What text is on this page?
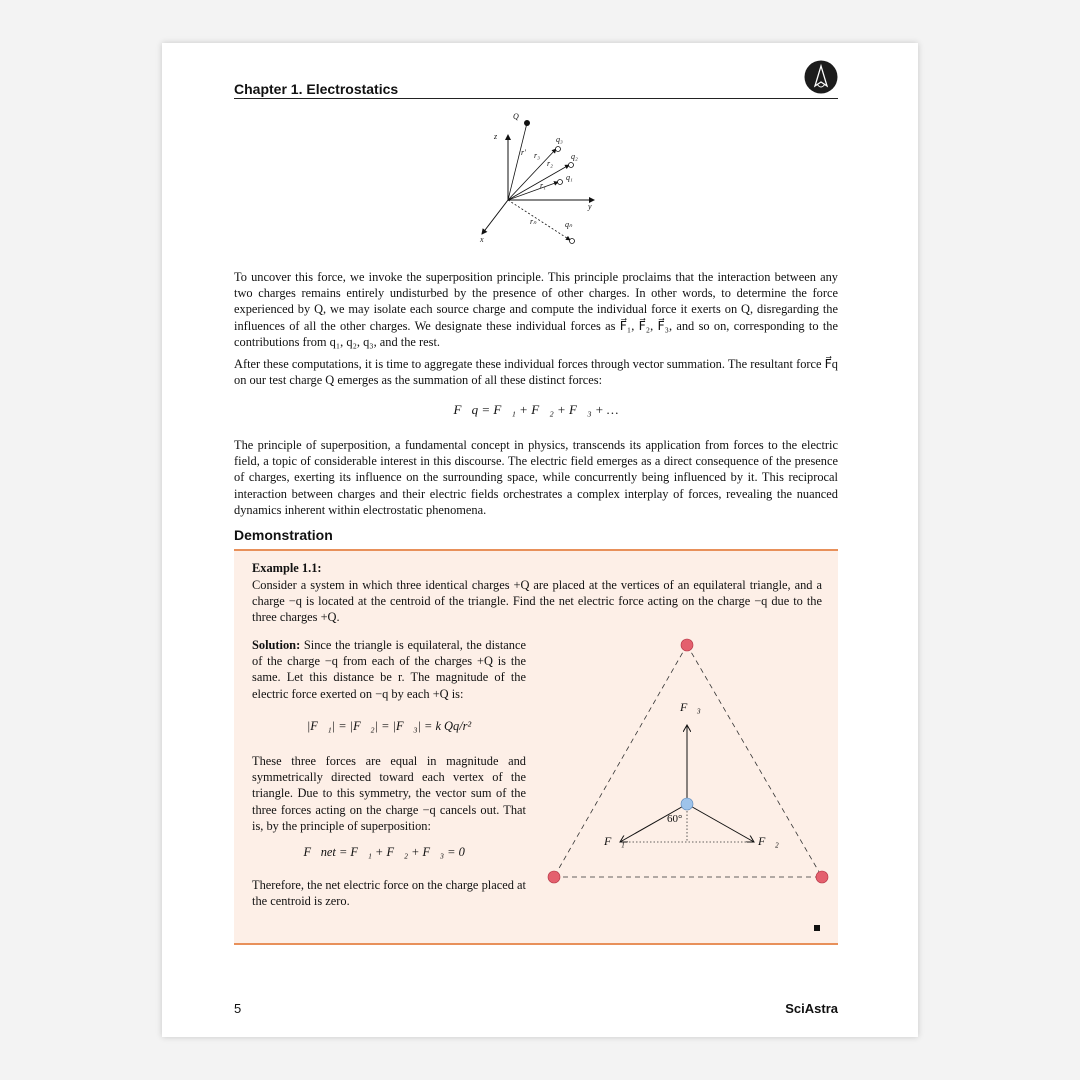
Chapter 1. Electrostatics
Q
z
y
x
r′ r₃
r₂
r₁
rₙ
q₃
q₂
q₁
qₙ

To uncover this force, we invoke the superposition principle. This principle proclaims that the interaction between any two charges remains entirely undisturbed by the presence of other charges. In other words, to determine the force experienced by Q, we may isolate each source charge and compute the individual force it exerts on Q, disregarding the influences of all the other charges. We designate these individual forces as F⃗₁, F⃗₂, F⃗₃, and so on, corresponding to the contributions from q₁, q₂, q₃, and the rest.

After these computations, it is time to aggregate these individual forces through vector summation. The resultant force F⃗q on our test charge Q emerges as the summation of all these distinct forces:

F⃗q = F⃗₁ + F⃗₂ + F⃗₃ + …

The principle of superposition, a fundamental concept in physics, transcends its application from forces to the electric field, a topic of considerable interest in this discourse. The electric field emerges as a direct consequence of the presence of charges, exerting its influence on the surrounding space, while concurrently being influenced by it. This reciprocal interaction between charges and their electric fields orchestrates a complex interplay of forces, revealing the nuanced dynamics inherent within electrostatic phenomena.

Demonstration
Example 1.1:

Consider a system in which three identical charges +Q are placed at the vertices of an equilateral triangle, and a charge −q is located at the centroid of the triangle. Find the net electric force acting on the charge −q due to the three charges +Q.

Solution: Since the triangle is equilateral, the distance of the charge −q from each of the charges +Q is the same. Let this distance be r. The magnitude of the electric force exerted on −q by each +Q is:

|F⃗₁| = |F⃗₂| = |F⃗₃| = k Qq/r²

These three forces are equal in magnitude and symmetrically directed toward each vertex of the triangle. Due to this symmetry, the vector sum of the three forces acting on the charge −q cancels out. That is, by the principle of superposition:

F⃗net = F⃗₁ + F⃗₂ + F⃗₃ = 0⃗

Therefore, the net electric force on the charge placed at the centroid is zero.

F⃗₃
F⃗₁	F⃗₂
60°
5	SciAstra
